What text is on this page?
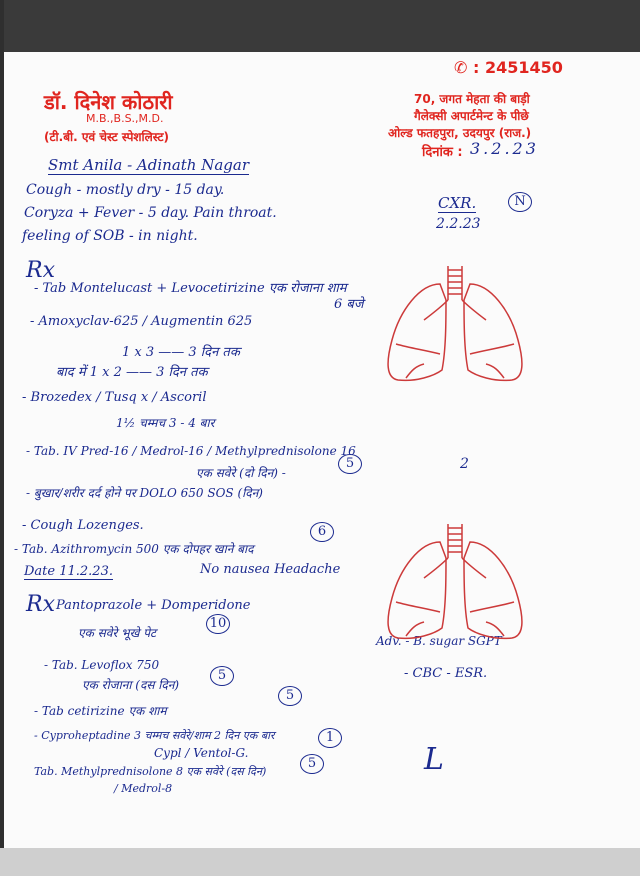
डॉ. दिनेश कोठारी
M.B.,B.S.,M.D.
(टी.बी. एवं चेस्ट स्पेशलिस्ट)
✆ : 2451450
70, जगत मेहता की बाड़ी
गैलेक्सी अपार्टमेन्ट के पीछे
ओल्ड फतहपुरा, उदयपुर (राज.)
दिनांक : 3.2.23
Smt Anila - Adinath Nagar
Cough - mostly dry - 15 day.
Coryza + Fever - 5 day. Pain throat.
feeling of SOB - in night.
CXR.
2.2.23
N
Rx
- Tab Montelucast + Levocetirizine एक रोजाना शाम
6 बजे
- Amoxyclav-625 / Augmentin 625
1 x 3 —— 3 दिन तक
बाद में 1 x 2 —— 3 दिन तक
- Brozedex / Tusq x / Ascoril
1½ चम्मच 3 - 4 बार
- Tab. IV Pred-16 / Medrol-16 / Methylprednisolone 16
एक सवेरे (दो दिन) -
5
- बुखार/शरीर दर्द होने पर DOLO 650 SOS (दिन)
- Cough Lozenges.
- Tab. Azithromycin 500 एक दोपहर खाने बाद
6
Date 11.2.23.	No nausea Headache
2
Rx Pantoprazole + Domperidone
एक सवेरे भूखे पेट
10
- Tab. Levoflox 750
एक रोजाना (दस दिन)
5
- Tab cetirizine एक शाम
5
- Cyproheptadine 3 चम्मच सवेरे/शाम 2 दिन एक बार
Cypl / Ventol-G.
1
Tab. Methylprednisolone 8 एक सवेरे (दस दिन)
5
/ Medrol-8
Adv. - B. sugar SGPT
- CBC - ESR.
L
